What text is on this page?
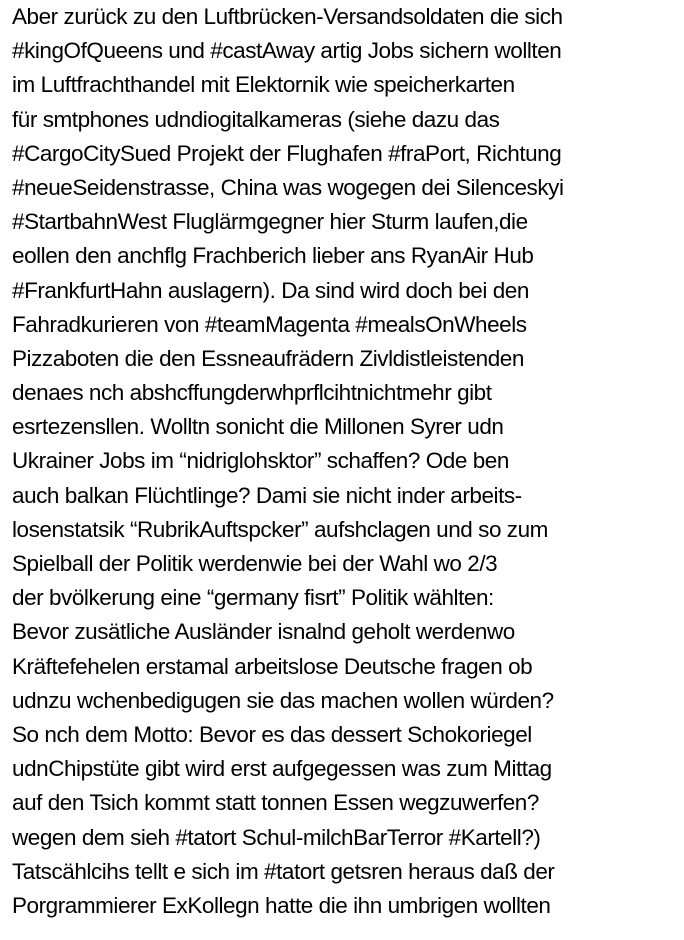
Aber zurück zu den Luftbrücken-Versandsoldaten die sich
#kingOfQueens und #castAway artig Jobs sichern wollten
im Luftfrachthandel mit Elektornik wie speicherkarten
für smtphones udndiogitalkameras (siehe dazu das
#CargoCitySued Projekt der Flughafen #fraPort, Richtung
#neueSeidenstrasse, China was wogegen dei Silenceskyi
#StartbahnWest Fluglärmgegner hier Sturm laufen,die
eollen den anchflg Frachberich lieber ans RyanAir Hub
#FrankfurtHahn auslagern). Da sind wird doch bei den
Fahradkurieren von #teamMagenta #mealsOnWheels
Pizzaboten die den Essneaufrädern Zivldistleistenden
denaes nch abshcffungderwhprflcihtnichtmehr gibt
esrtezensllen. Wolltn sonicht die Millonen Syrer udn
Ukrainer Jobs im “nidriglohsktor” schaffen? Ode ben
auch balkan Flüchtlinge? Dami sie nicht inder arbeits-
losenstatsik “RubrikAuftspcker” aufshclagen und so zum
Spielball der Politik werdenwie bei der Wahl wo 2/3
der bvölkerung eine “germany fisrt” Politik wählten:
Bevor zusätliche Ausländer isnalnd geholt werdenwo
Kräftefehelen erstamal arbeitslose Deutsche fragen ob
udnzu wchenbedigugen sie das machen wollen würden?
So nch dem Motto: Bevor es das dessert Schokoriegel
udnChipstüte gibt wird erst aufgegessen was zum Mittag
auf den Tsich kommt statt tonnen Essen wegzuwerfen?
wegen dem sieh #tatort Schul-milchBarTerror #Kartell?)
Tatscählcihs tellt e sich im #tatort getsren heraus daß der
Porgrammierer ExKollegn hatte die ihn umbrigen wollten
